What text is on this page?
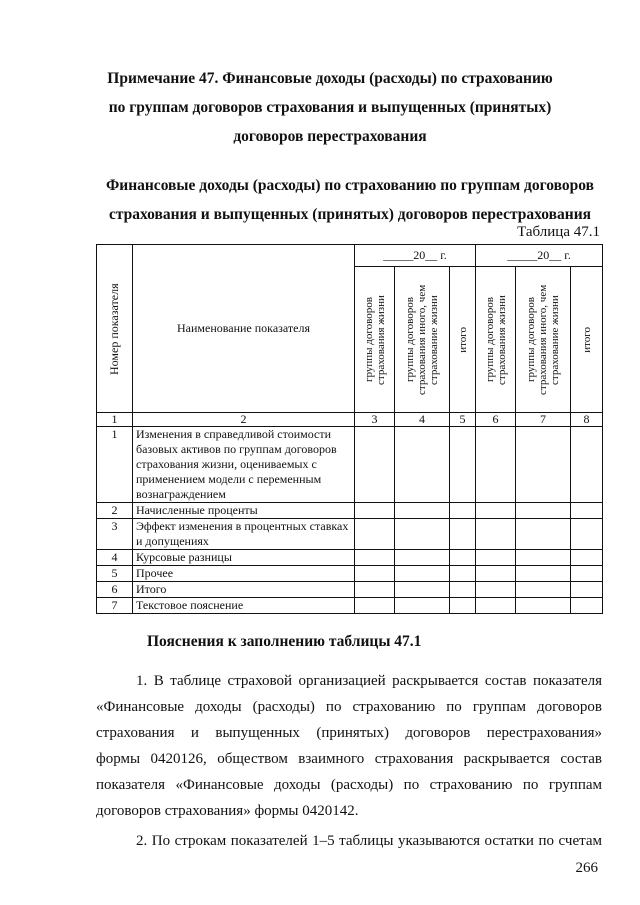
Примечание 47. Финансовые доходы (расходы) по страхованию
по группам договоров страхования и выпущенных (принятых)
договоров перестрахования
Финансовые доходы (расходы) по страхованию по группам договоров
страхования и выпущенных (принятых) договоров перестрахования
Таблица 47.1
Номер показателя	Наименование показателя	_____20__ г.			_____20__ г.		

		группы договоров страхования жизни	группы договоров страхования иного, чем страхование жизни	итого	группы договоров страхования жизни	группы договоров страхования иного, чем страхование жизни	итого

1	2	3	4	5	6	7	8
1	Изменения в справедливой стоимости базовых активов по группам договоров страхования жизни, оцениваемых с применением модели с переменным вознаграждением						
2	Начисленные проценты						
3	Эффект изменения в процентных ставках и допущениях						
4	Курсовые разницы						
5	Прочее						
6	Итого						
7	Текстовое пояснение						
Пояснения к заполнению таблицы 47.1
1. В таблице страховой организацией раскрывается состав показателя
«Финансовые доходы (расходы) по страхованию по группам договоров
страхования и выпущенных (принятых) договоров перестрахования»
формы 0420126, обществом взаимного страхования раскрывается состав
показателя «Финансовые доходы (расходы) по страхованию по группам
договоров страхования» формы 0420142.
2. По строкам показателей 1–5 таблицы указываются остатки по счетам
266
